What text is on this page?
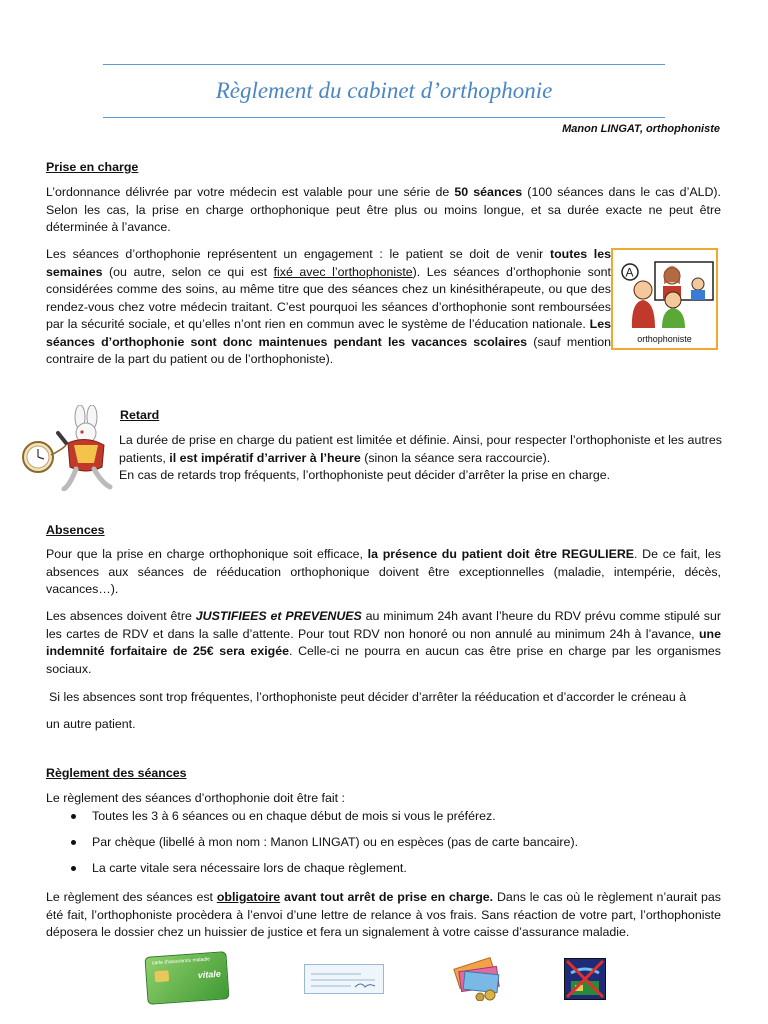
Règlement du cabinet d’orthophonie
Manon LINGAT, orthophoniste
Prise en charge

L’ordonnance délivrée par votre médecin est valable pour une série de 50 séances (100 séances dans le cas d’ALD). Selon les cas, la prise en charge orthophonique peut être plus ou moins longue, et sa durée exacte ne peut être déterminée à l’avance.

Les séances d’orthophonie représentent un engagement : le patient se doit de venir toutes les semaines (ou autre, selon ce qui est fixé avec l’orthophoniste). Les séances d’orthophonie sont considérées comme des soins, au même titre que des séances chez un kinésithérapeute, ou que des rendez-vous chez votre médecin traitant. C’est pourquoi les séances d’orthophonie sont remboursées par la sécurité sociale, et qu’elles n’ont rien en commun avec le système de l’éducation nationale. Les séances d’orthophonie sont donc maintenues pendant les vacances scolaires (sauf mention contraire de la part du patient ou de l’orthophoniste).

A
orthophoniste
Retard

La durée de prise en charge du patient est limitée et définie. Ainsi, pour respecter l’orthophoniste et les autres patients, il est impératif d’arriver à l’heure (sinon la séance sera raccourcie).

En cas de retards trop fréquents, l’orthophoniste peut décider d’arrêter la prise en charge.

Absences

Pour que la prise en charge orthophonique soit efficace, la présence du patient doit être REGULIERE. De ce fait, les absences aux séances de rééducation orthophonique doivent être exceptionnelles (maladie, intempérie, décès, vacances…).

Les absences doivent être JUSTIFIEES et PREVENUES au minimum 24h avant l’heure du RDV prévu comme stipulé sur les cartes de RDV et dans la salle d’attente. Pour tout RDV non honoré ou non annulé au minimum 24h à l’avance, une indemnité forfaitaire de 25€ sera exigée. Celle-ci ne pourra en aucun cas être prise en charge par les organismes sociaux.

Si les absences sont trop fréquentes, l’orthophoniste peut décider d’arrêter la rééducation et d’accorder le créneau à

un autre patient.

Règlement des séances
Le règlement des séances d’orthophonie doit être fait :
Toutes les 3 à 6 séances ou en chaque début de mois si vous le préférez.
Par chèque (libellé à mon nom : Manon LINGAT) ou en espèces (pas de carte bancaire).
La carte vitale sera nécessaire lors de chaque règlement.

Le règlement des séances est obligatoire avant tout arrêt de prise en charge. Dans le cas où le règlement n’aurait pas été fait, l’orthophoniste procèdera à l’envoi d’une lettre de relance à vos frais. Sans réaction de votre part, l’orthophoniste déposera le dossier chez un huissier de justice et fera un signalement à votre caisse d’assurance maladie.

carte d'assurance maladie
vitale
